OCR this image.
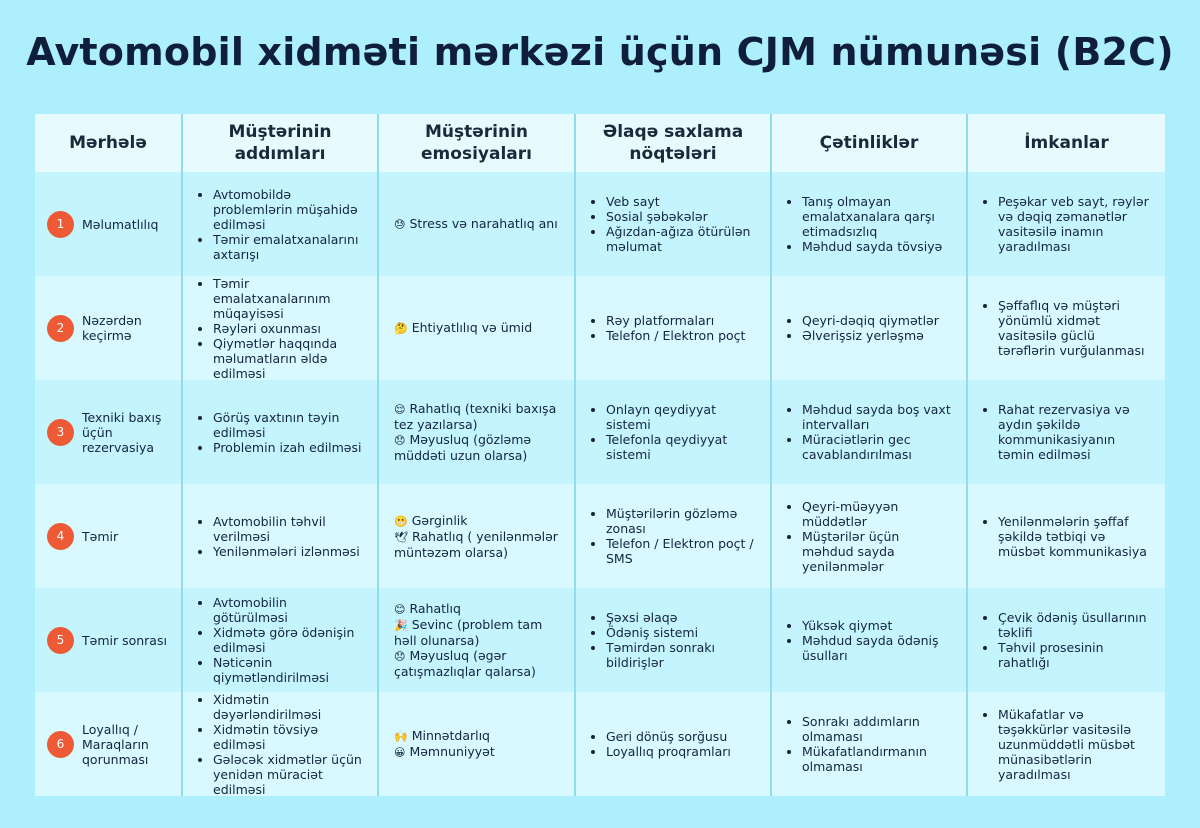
Avtomobil xidməti mərkəzi üçün CJM nümunəsi (B2C)
Mərhələ
Müştərinin addımları
Müştərinin emosiyaları
Əlaqə saxlama nöqtələri
Çətinliklər	İmkanlar
1	Məlumatlılıq
• Avtomobildə problemlərin müşahidə edilməsi
• Təmir emalatxanalarını axtarışı
😓 Stress və narahatlıq anı
• Veb sayt
• Sosial şəbəkələr
• Ağızdan-ağıza ötürülən məlumat
• Tanış olmayan emalatxanalara qarşı etimadsızlıq
• Məhdud sayda tövsiyə
• Peşəkar veb sayt, rəylər və dəqiq zəmanətlər vasitəsilə inamın yaradılması
2	Nəzərdən keçirmə
• Təmir emalatxanalarınım müqayisəsi
• Rəyləri oxunması
• Qiymətlər haqqında məlumatların əldə edilməsi
🤔 Ehtiyatlılıq və ümid
•	Rəy platformaları
• Telefon / Elektron poçt
• Qeyri-dəqiq qiymətlər
• Əlverişsiz yerləşmə
• Şəffaflıq və müştəri yönümlü xidmət vasitəsilə güclü tərəflərin vurğulanması
3
Texniki baxış üçün rezervasiya
• Görüş vaxtının təyin edilməsi
• Problemin izah edilməsi
😌 Rahatlıq (texniki baxışa tez yazılarsa)
😞 Məyusluq (gözləmə müddəti uzun olarsa)
• Onlayn qeydiyyat sistemi
• Telefonla qeydiyyat sistemi
• Məhdud sayda boş vaxt intervalları
• Müraciətlərin gec cavablandırılması
• Rahat rezervasiya və aydın şəkildə kommunikasiyanın təmin edilməsi
4	Təmir
• Avtomobilin təhvil verilməsi
• Yenilənmələri izlənməsi
😬 Gərginlik
🕊 Rahatlıq ( yenilənmələr müntəzəm olarsa)
• Müştərilərin gözləmə zonası
• Telefon / Elektron poçt / SMS
• Qeyri-müəyyən müddətlər
• Müştərilər üçün məhdud sayda yenilənmələr
• Yenilənmələrin şəffaf şəkildə tətbiqi və müsbət kommunikasiya
5	Təmir sonrası
• Avtomobilin götürülməsi
• Xidmətə görə ödənişin edilməsi
• Nəticənin qiymətləndirilməsi
😊 Rahatlıq
🎉 Sevinc (problem tam həll olunarsa)
😞 Məyusluq (əgər çatışmazlıqlar qalarsa)
• Şəxsi əlaqə
• Ödəniş sistemi
• Təmirdən sonrakı bildirişlər
• Yüksək qiymət
• Məhdud sayda ödəniş üsulları
• Çevik ödəniş üsullarının təklifi
• Təhvil prosesinin rahatlığı
6
Loyallıq / Maraqların qorunması
• Xidmətin dəyərləndirilməsi
• Xidmətin tövsiyə edilməsi
• Gələcək xidmətlər üçün yenidən müraciət edilməsi
🙌 Minnətdarlıq
😀 Məmnuniyyət
• Geri dönüş sorğusu
• Loyallıq proqramları
• Sonrakı addımların olmaması
• Mükafatlandırmanın olmaması
• Mükafatlar və təşəkkürlər vasitəsilə uzunmüddətli müsbət münasibətlərin yaradılması
